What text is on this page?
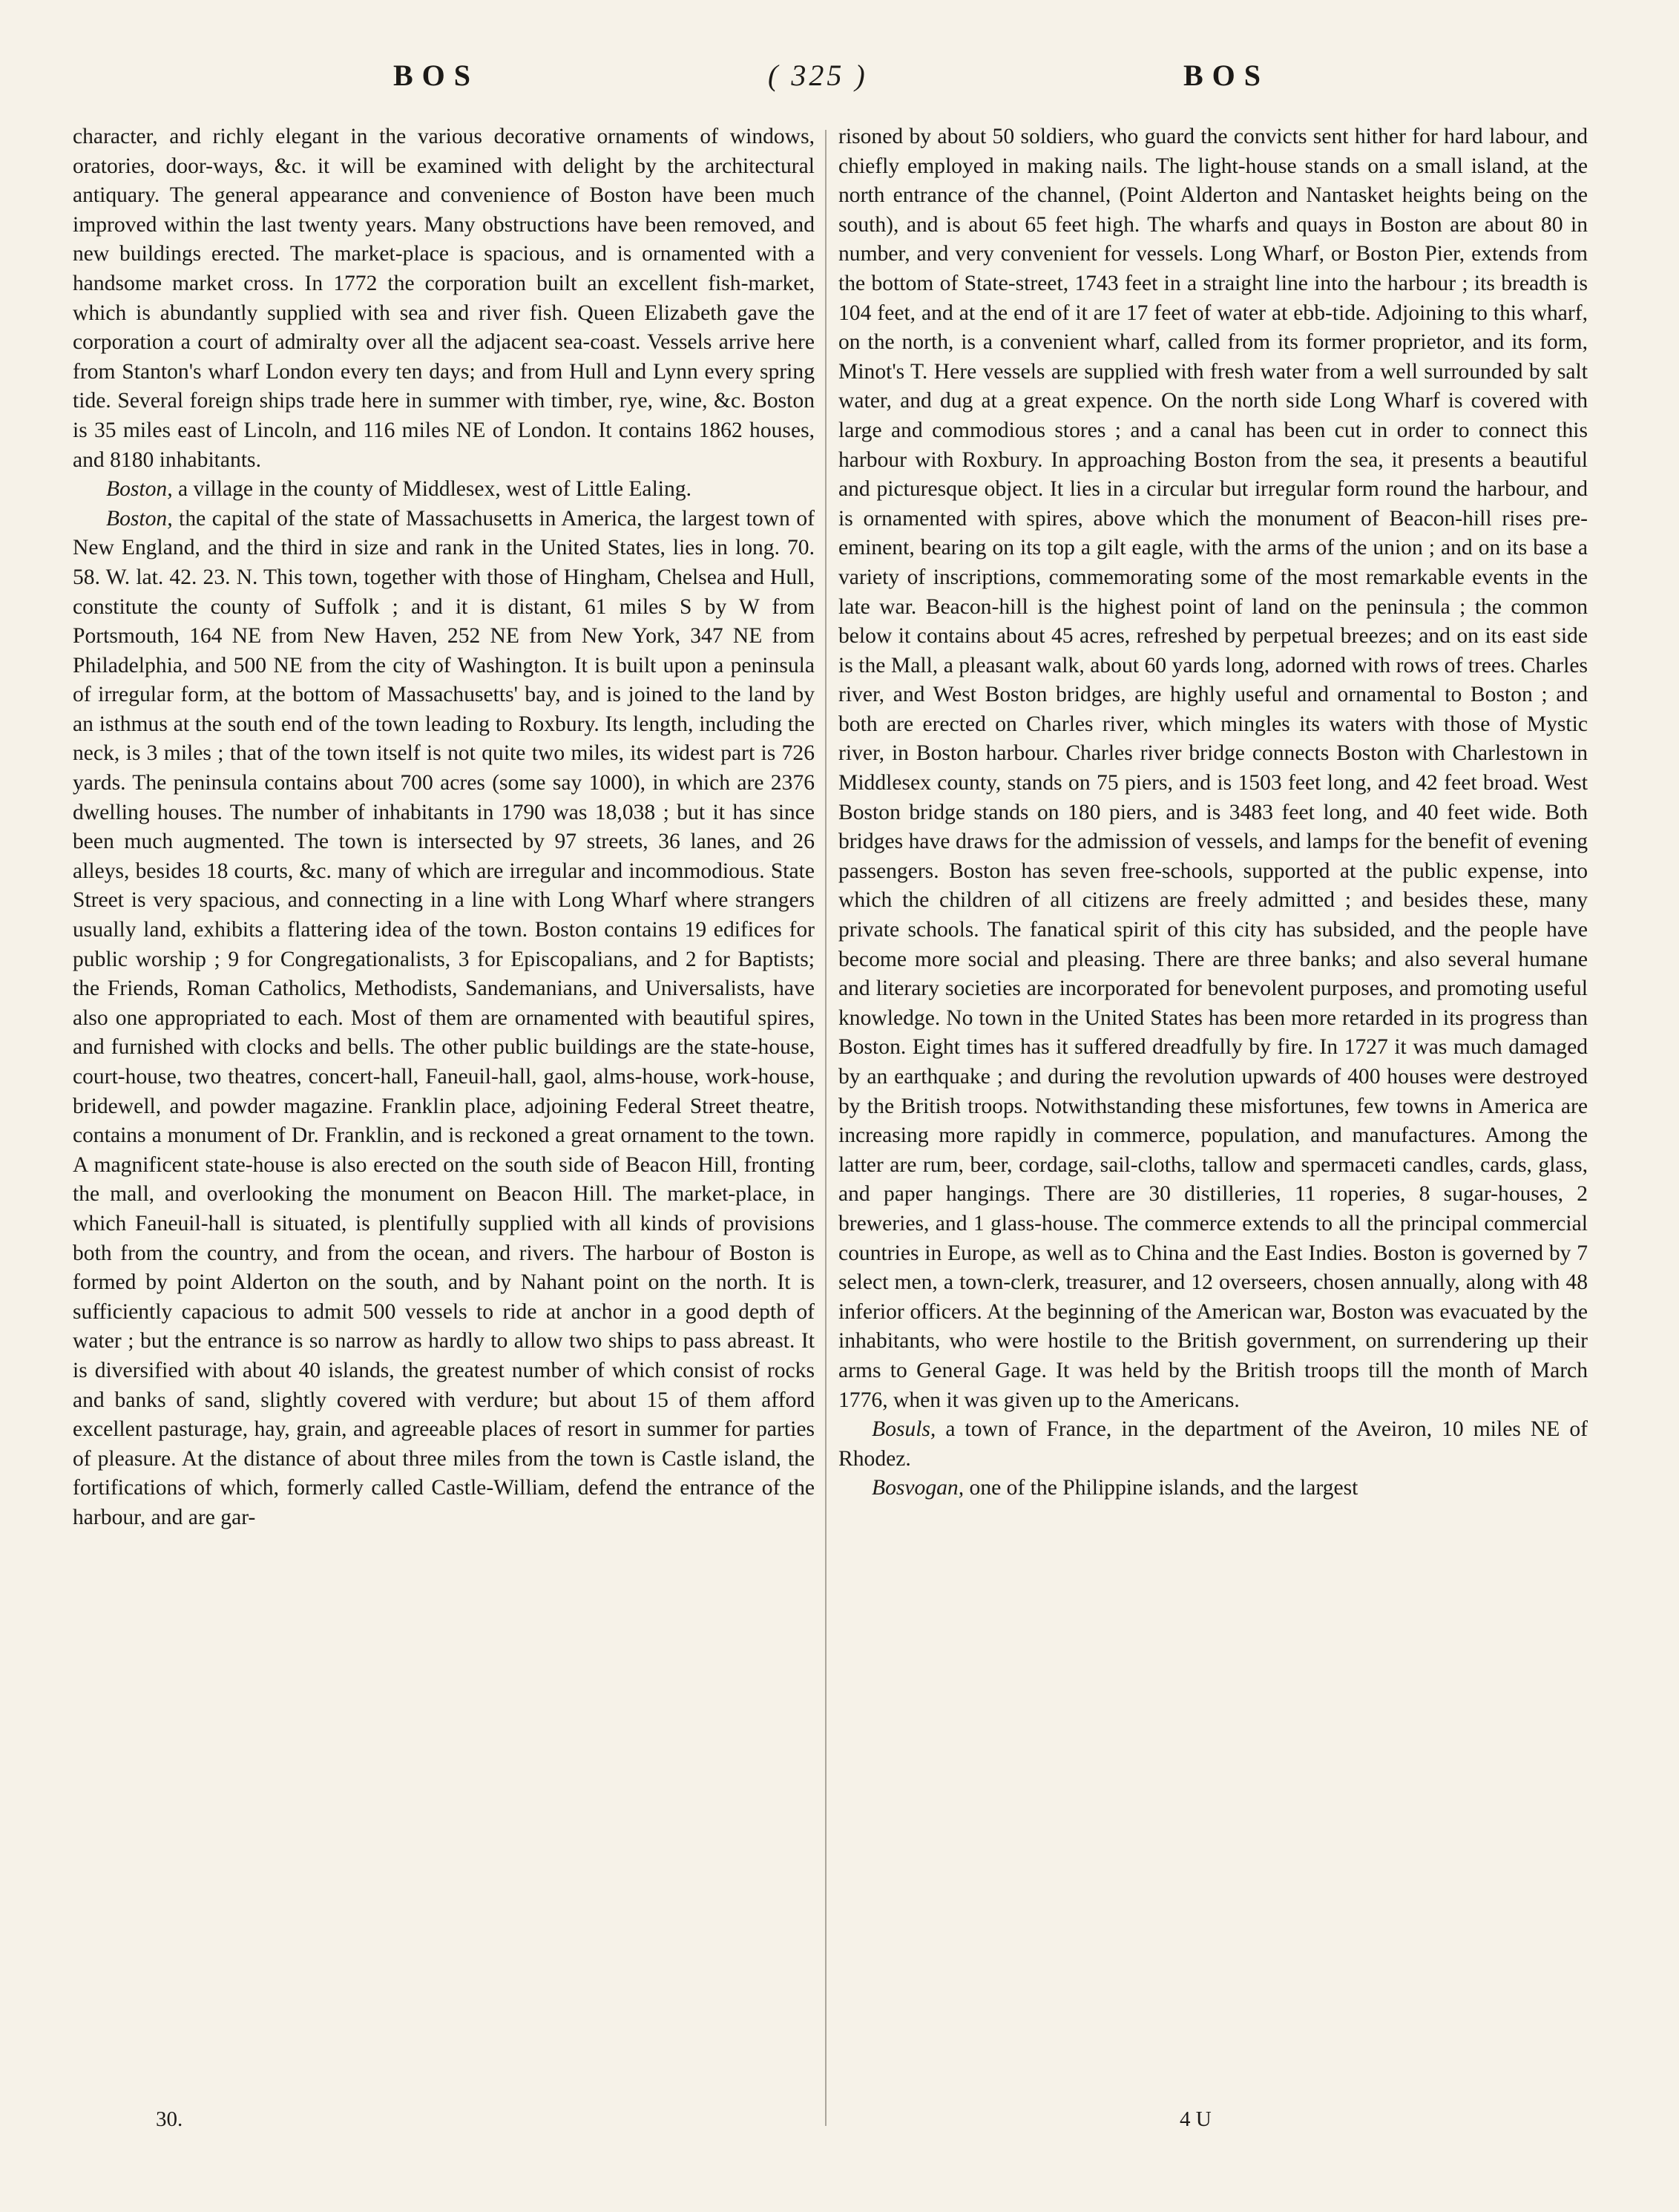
BOS	( 325 )	BOS

character, and richly elegant in the various decorative ornaments of windows, oratories, door-ways, &c. it will be examined with delight by the architectural antiquary. The general appearance and convenience of Boston have been much improved within the last twenty years. Many obstructions have been removed, and new buildings erected. The market-place is spacious, and is ornamented with a handsome market cross. In 1772 the corporation built an excellent fish-market, which is abundantly supplied with sea and river fish. Queen Elizabeth gave the corporation a court of admiralty over all the adjacent sea-coast. Vessels arrive here from Stanton's wharf London every ten days; and from Hull and Lynn every spring tide. Several foreign ships trade here in summer with timber, rye, wine, &c. Boston is 35 miles east of Lincoln, and 116 miles NE of London. It contains 1862 houses, and 8180 inhabitants.

Boston, a village in the county of Middlesex, west of Little Ealing.

Boston, the capital of the state of Massachusetts in America, the largest town of New England, and the third in size and rank in the United States, lies in long. 70. 58. W. lat. 42. 23. N. This town, together with those of Hingham, Chelsea and Hull, constitute the county of Suffolk ; and it is distant, 61 miles S by W from Portsmouth, 164 NE from New Haven, 252 NE from New York, 347 NE from Philadelphia, and 500 NE from the city of Washington. It is built upon a peninsula of irregular form, at the bottom of Massachusetts' bay, and is joined to the land by an isthmus at the south end of the town leading to Roxbury. Its length, including the neck, is 3 miles ; that of the town itself is not quite two miles, its widest part is 726 yards. The peninsula contains about 700 acres (some say 1000), in which are 2376 dwelling houses. The number of inhabitants in 1790 was 18,038 ; but it has since been much augmented. The town is intersected by 97 streets, 36 lanes, and 26 alleys, besides 18 courts, &c. many of which are irregular and incommodious. State Street is very spacious, and connecting in a line with Long Wharf where strangers usually land, exhibits a flattering idea of the town. Boston contains 19 edifices for public worship ; 9 for Congregationalists, 3 for Episcopalians, and 2 for Baptists; the Friends, Roman Catholics, Methodists, Sandemanians, and Universalists, have also one appropriated to each. Most of them are ornamented with beautiful spires, and furnished with clocks and bells. The other public buildings are the state-house, court-house, two theatres, concert-hall, Faneuil-hall, gaol, alms-house, work-house, bridewell, and powder magazine. Franklin place, adjoining Federal Street theatre, contains a monument of Dr. Franklin, and is reckoned a great ornament to the town. A magnificent state-house is also erected on the south side of Beacon Hill, fronting the mall, and overlooking the monument on Beacon Hill. The market-place, in which Faneuil-hall is situated, is plentifully supplied with all kinds of provisions both from the country, and from the ocean, and rivers. The harbour of Boston is formed by point Alderton on the south, and by Nahant point on the north. It is sufficiently capacious to admit 500 vessels to ride at anchor in a good depth of water ; but the entrance is so narrow as hardly to allow two ships to pass abreast. It is diversified with about 40 islands, the greatest number of which consist of rocks and banks of sand, slightly covered with verdure; but about 15 of them afford excellent pasturage, hay, grain, and agreeable places of resort in summer for parties of pleasure. At the distance of about three miles from the town is Castle island, the fortifications of which, formerly called Castle-William, defend the entrance of the harbour, and are gar-

risoned by about 50 soldiers, who guard the convicts sent hither for hard labour, and chiefly employed in making nails. The light-house stands on a small island, at the north entrance of the channel, (Point Alderton and Nantasket heights being on the south), and is about 65 feet high. The wharfs and quays in Boston are about 80 in number, and very convenient for vessels. Long Wharf, or Boston Pier, extends from the bottom of State-street, 1743 feet in a straight line into the harbour ; its breadth is 104 feet, and at the end of it are 17 feet of water at ebb-tide. Adjoining to this wharf, on the north, is a convenient wharf, called from its former proprietor, and its form, Minot's T. Here vessels are supplied with fresh water from a well surrounded by salt water, and dug at a great expence. On the north side Long Wharf is covered with large and commodious stores ; and a canal has been cut in order to connect this harbour with Roxbury. In approaching Boston from the sea, it presents a beautiful and picturesque object. It lies in a circular but irregular form round the harbour, and is ornamented with spires, above which the monument of Beacon-hill rises pre-eminent, bearing on its top a gilt eagle, with the arms of the union ; and on its base a variety of inscriptions, commemorating some of the most remarkable events in the late war. Beacon-hill is the highest point of land on the peninsula ; the common below it contains about 45 acres, refreshed by perpetual breezes; and on its east side is the Mall, a pleasant walk, about 60 yards long, adorned with rows of trees. Charles river, and West Boston bridges, are highly useful and ornamental to Boston ; and both are erected on Charles river, which mingles its waters with those of Mystic river, in Boston harbour. Charles river bridge connects Boston with Charlestown in Middlesex county, stands on 75 piers, and is 1503 feet long, and 42 feet broad. West Boston bridge stands on 180 piers, and is 3483 feet long, and 40 feet wide. Both bridges have draws for the admission of vessels, and lamps for the benefit of evening passengers. Boston has seven free-schools, supported at the public expense, into which the children of all citizens are freely admitted ; and besides these, many private schools. The fanatical spirit of this city has subsided, and the people have become more social and pleasing. There are three banks; and also several humane and literary societies are incorporated for benevolent purposes, and promoting useful knowledge. No town in the United States has been more retarded in its progress than Boston. Eight times has it suffered dreadfully by fire. In 1727 it was much damaged by an earthquake ; and during the revolution upwards of 400 houses were destroyed by the British troops. Notwithstanding these misfortunes, few towns in America are increasing more rapidly in commerce, population, and manufactures. Among the latter are rum, beer, cordage, sail-cloths, tallow and spermaceti candles, cards, glass, and paper hangings. There are 30 distilleries, 11 roperies, 8 sugar-houses, 2 breweries, and 1 glass-house. The commerce extends to all the principal commercial countries in Europe, as well as to China and the East Indies. Boston is governed by 7 select men, a town-clerk, treasurer, and 12 overseers, chosen annually, along with 48 inferior officers. At the beginning of the American war, Boston was evacuated by the inhabitants, who were hostile to the British government, on surrendering up their arms to General Gage. It was held by the British troops till the month of March 1776, when it was given up to the Americans.

Bosuls, a town of France, in the department of the Aveiron, 10 miles NE of Rhodez.

Bosvogan, one of the Philippine islands, and the largest

30.	4 U
